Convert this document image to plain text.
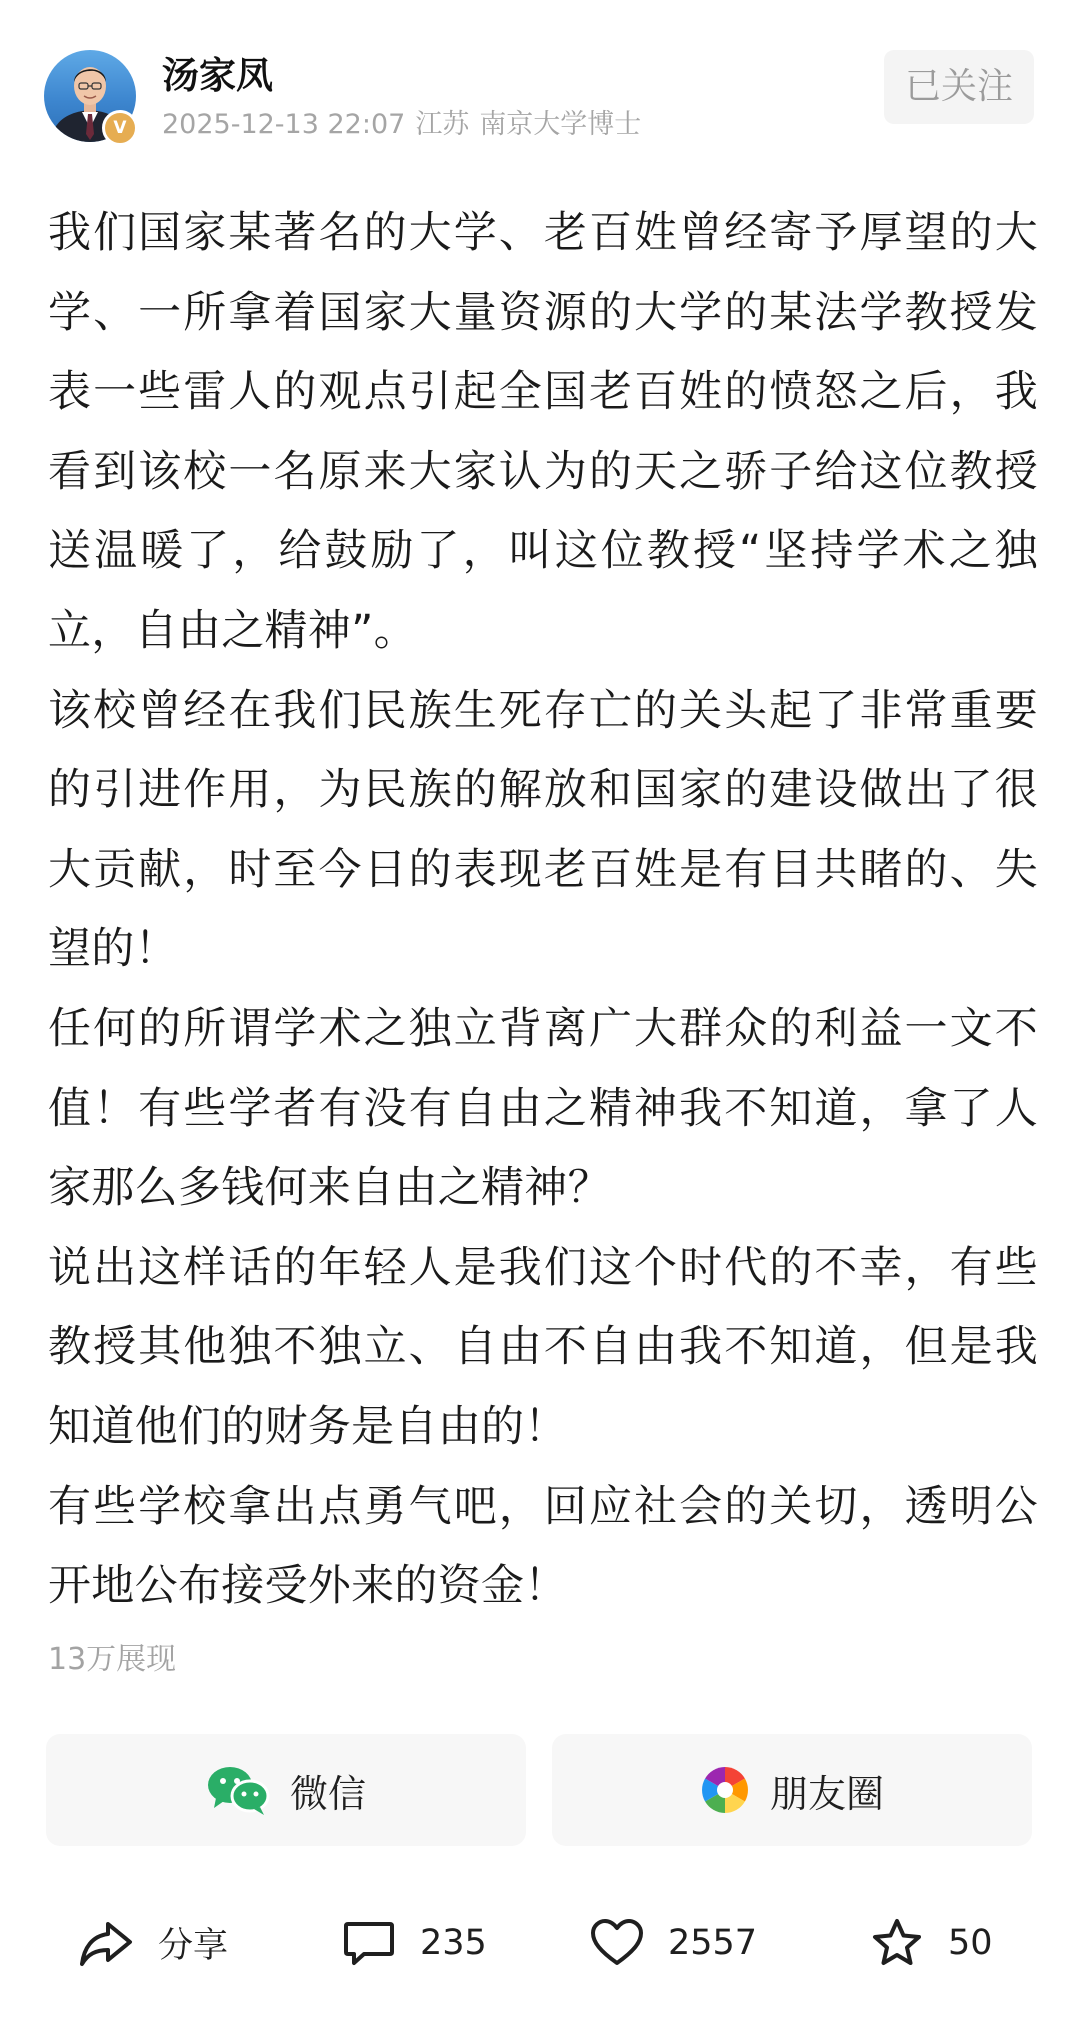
V
汤家凤
2025-12-13 22:07 江苏 南京大学博士
已关注

我们国家某著名的大学、老百姓曾经寄予厚望的大学、一所拿着国家大量资源的大学的某法学教授发表一些雷人的观点引起全国老百姓的愤怒之后，我看到该校一名原来大家认为的天之骄子给这位教授送温暖了，给鼓励了，叫这位教授“坚持学术之独立，自由之精神”。

该校曾经在我们民族生死存亡的关头起了非常重要的引进作用，为民族的解放和国家的建设做出了很大贡献，时至今日的表现老百姓是有目共睹的、失望的！

任何的所谓学术之独立背离广大群众的利益一文不值！有些学者有没有自由之精神我不知道，拿了人家那么多钱何来自由之精神？

说出这样话的年轻人是我们这个时代的不幸，有些教授其他独不独立、自由不自由我不知道，但是我知道他们的财务是自由的！

有些学校拿出点勇气吧，回应社会的关切，透明公开地公布接受外来的资金！

13万展现
微信	朋友圈
分享	235	2557	50
